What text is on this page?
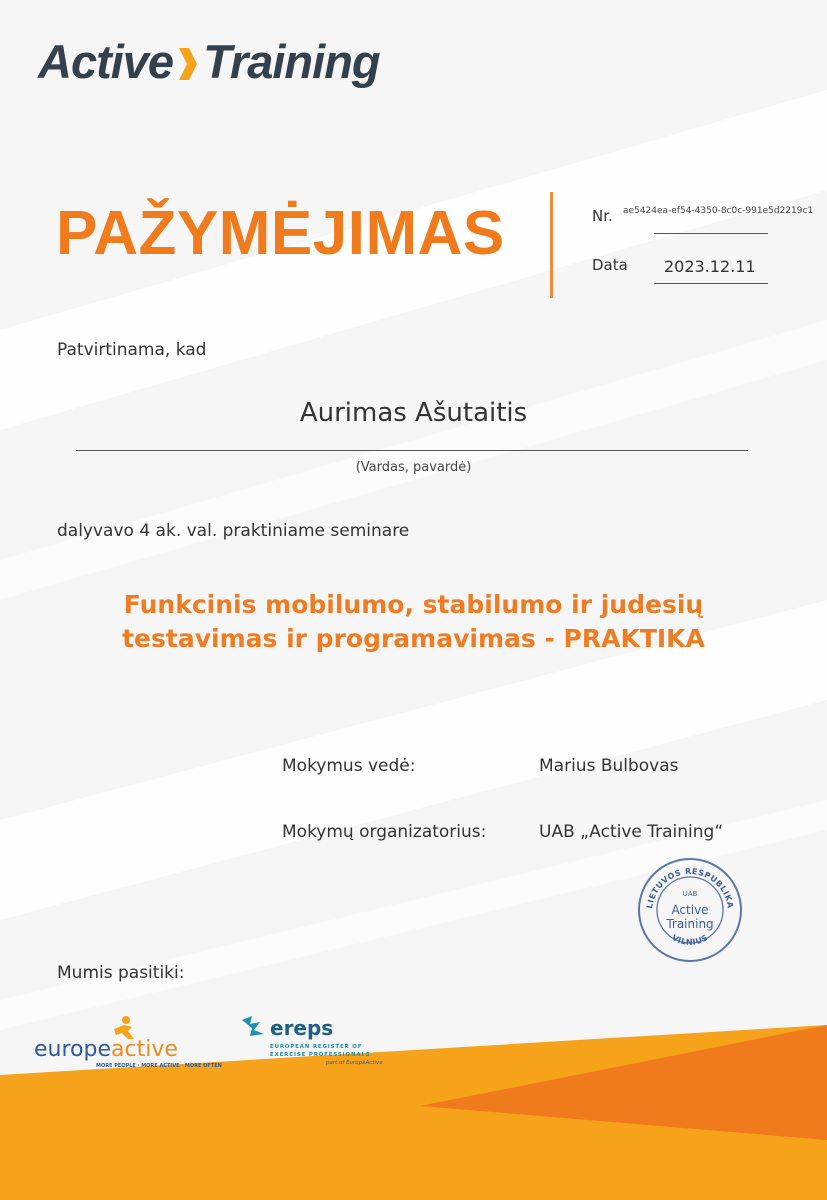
Active Training
PAŽYMĖJIMAS	Nr. ae5424ea-ef54-4350-8c0c-991e5d2219c1
Data 2023.12.11
Patvirtinama, kad
Aurimas Ašutaitis
(Vardas, pavardė)
dalyvavo 4 ak. val. praktiniame seminare
Funkcinis mobilumo, stabilumo ir judesių
testavimas ir programavimas - PRAKTIKA
Mokymus vedė:	Marius Bulbovas
Mokymų organizatorius:	UAB „Active Training“
LIETUVOS RESPUBLIKA
VILNIUS
UAB
Active
Training
Mumis pasitiki:
europeactive
MORE PEOPLE · MORE ACTIVE · MORE OFTEN
ereps
EUROPEAN REGISTER OF
EXERCISE PROFESSIONALS
part of EuropeActive
